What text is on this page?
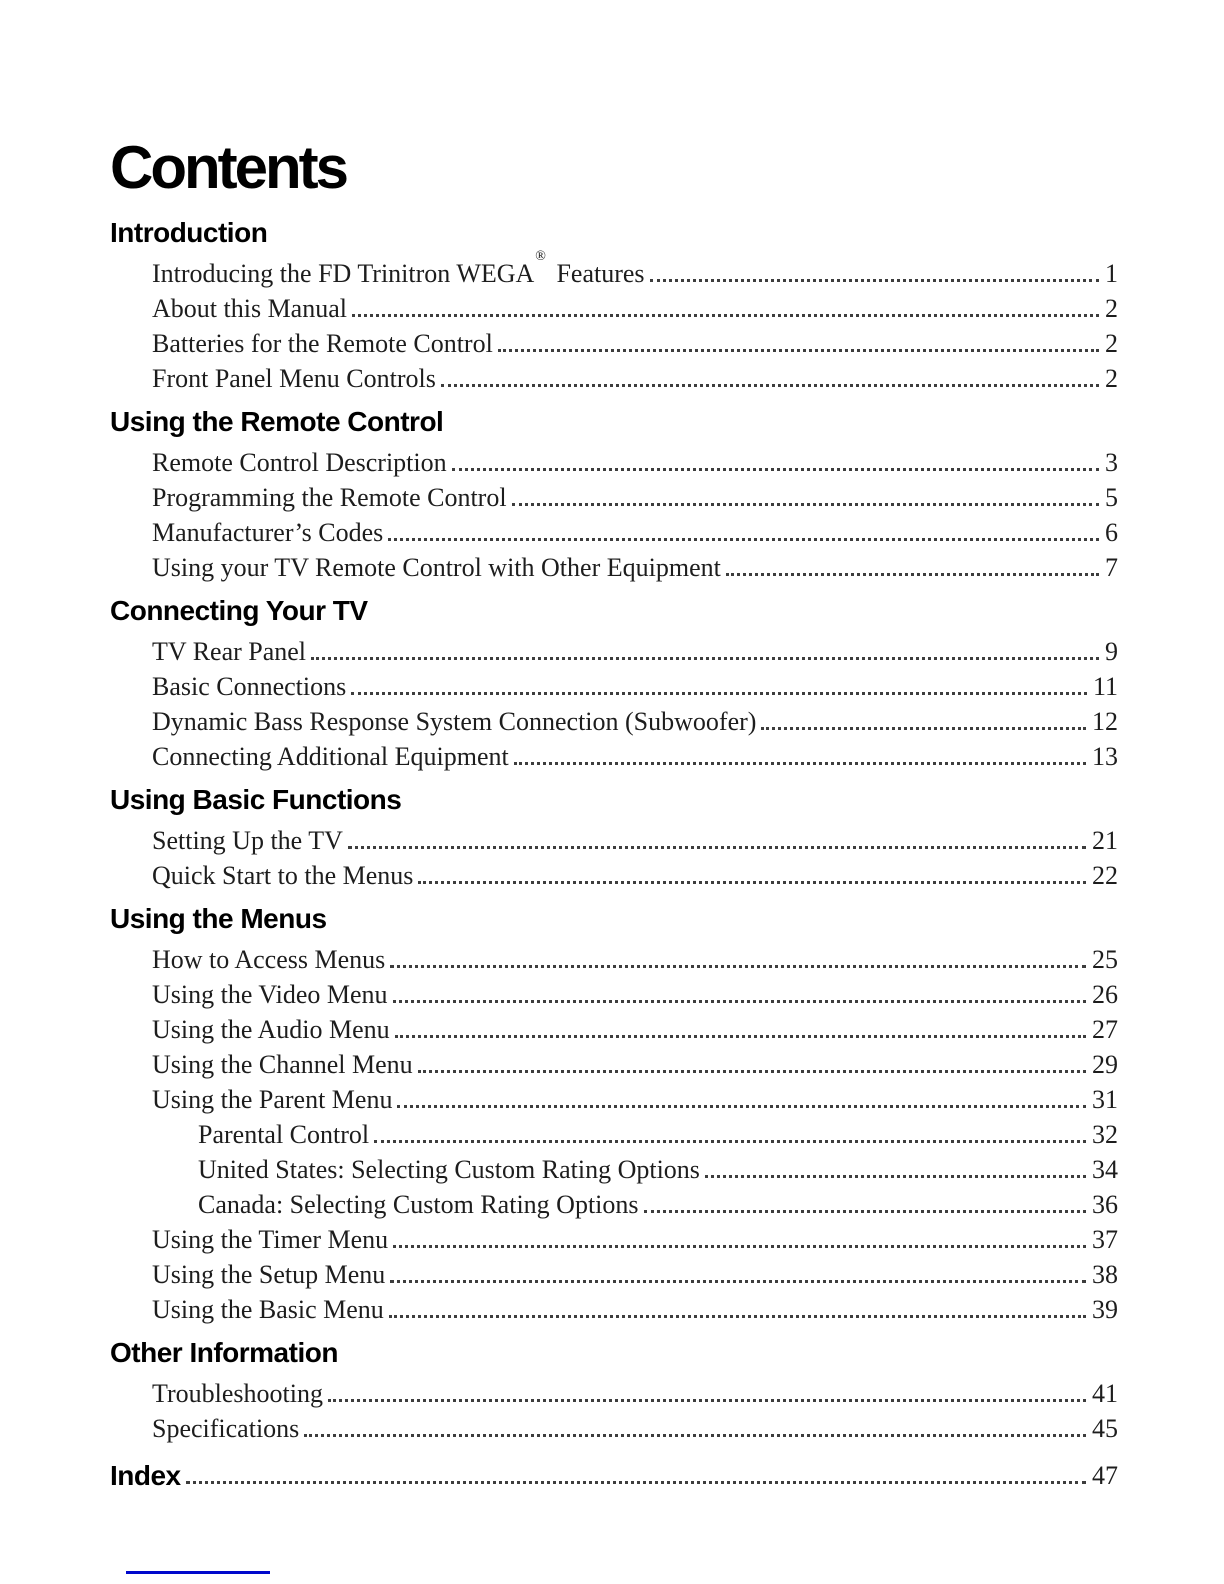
Contents
Introduction
Introducing the FD Trinitron WEGA® Features	1
About this Manual	2
Batteries for the Remote Control	2
Front Panel Menu Controls	2
Using the Remote Control
Remote Control Description	3
Programming the Remote Control	5
Manufacturer’s Codes	6
Using your TV Remote Control with Other Equipment	7
Connecting Your TV
TV Rear Panel	9
Basic Connections	11
Dynamic Bass Response System Connection (Subwoofer)	12
Connecting Additional Equipment	13
Using Basic Functions
Setting Up the TV	21
Quick Start to the Menus	22
Using the Menus
How to Access Menus	25
Using the Video Menu	26
Using the Audio Menu	27
Using the Channel Menu	29
Using the Parent Menu	31
Parental Control	32
United States: Selecting Custom Rating Options	34
Canada: Selecting Custom Rating Options	36
Using the Timer Menu	37
Using the Setup Menu	38
Using the Basic Menu	39
Other Information
Troubleshooting	41
Specifications	45
Index	47
